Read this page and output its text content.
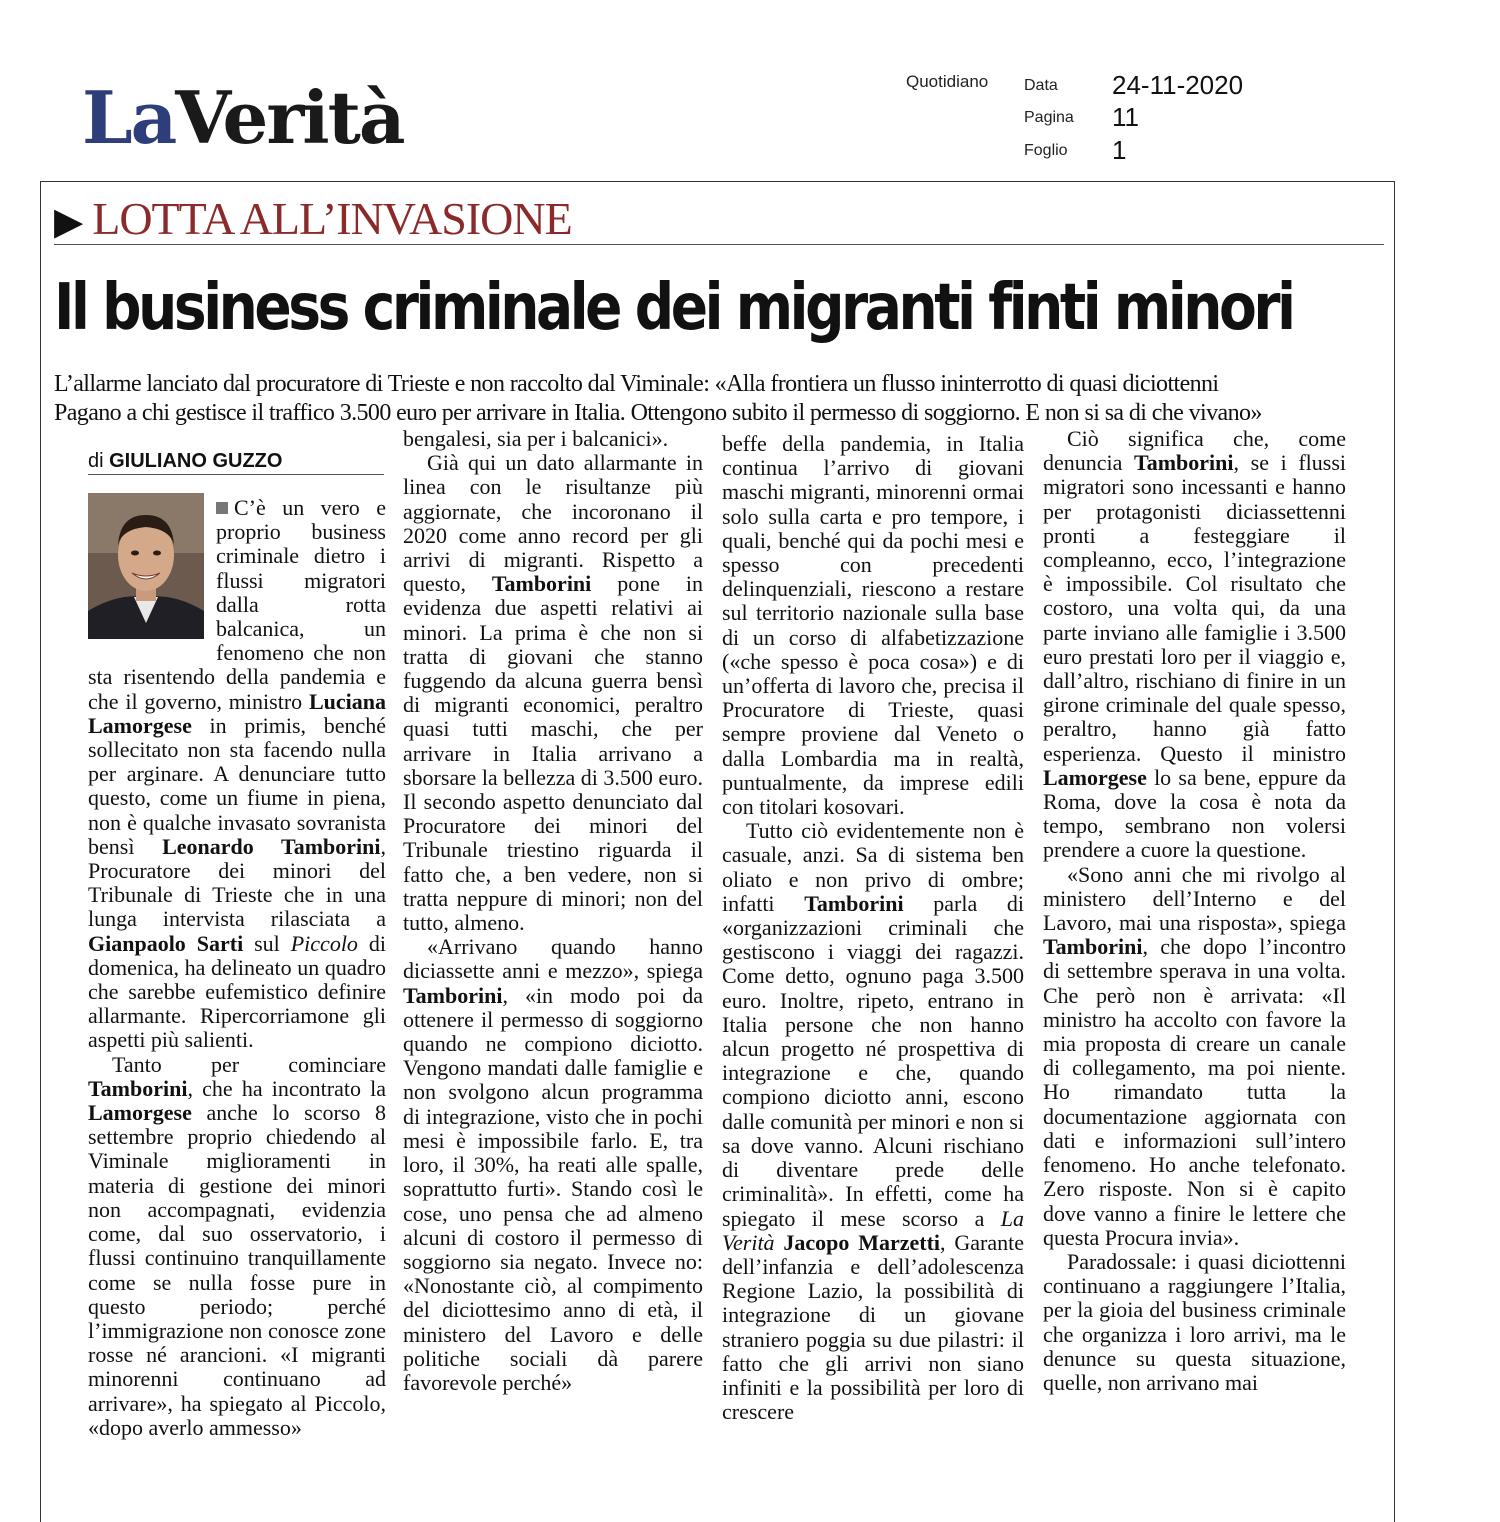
LaVerità	Quotidiano Data 24-11-2020
Pagina 11
Foglio 1
▶ LOTTA ALL’INVASIONE
Il business criminale dei migranti finti minori
L’allarme lanciato dal procuratore di Trieste e non raccolto dal Viminale: «Alla frontiera un flusso ininterrotto di quasi diciottenni
Pagano a chi gestisce il traffico 3.500 euro per arrivare in Italia. Ottengono subito il permesso di soggiorno. E non si sa di che vivano»
di GIULIANO GUZZO

C’è un vero e proprio business criminale dietro i flussi migratori dalla rotta balcanica, un fenomeno che non sta risentendo della pandemia e che il governo, ministro Luciana Lamorgese in primis, benché sollecitato non sta facendo nulla per arginare. A denunciare tutto questo, come un fiume in piena, non è qualche invasato sovranista bensì Leonardo Tamborini, Procuratore dei minori del Tribunale di Trieste che in una lunga intervista rilasciata a Gianpaolo Sarti sul Piccolo di domenica, ha delineato un quadro che sarebbe eufemistico definire allarmante. Ripercorriamone gli aspetti più salienti.

Tanto per cominciare Tamborini, che ha incontrato la Lamorgese anche lo scorso 8 settembre proprio chiedendo al Viminale miglioramenti in materia di gestione dei minori non accompagnati, evidenzia come, dal suo osservatorio, i flussi continuino tranquillamente come se nulla fosse pure in questo periodo; perché l’immigrazione non conosce zone rosse né arancioni. «I migranti minorenni continuano ad arrivare», ha spiegato al Piccolo, «dopo averlo ammesso»

bengalesi, sia per i balcanici».

Già qui un dato allarmante in linea con le risultanze più aggiornate, che incoronano il 2020 come anno record per gli arrivi di migranti. Rispetto a questo, Tamborini pone in evidenza due aspetti relativi ai minori. La prima è che non si tratta di giovani che stanno fuggendo da alcuna guerra bensì di migranti economici, peraltro quasi tutti maschi, che per arrivare in Italia arrivano a sborsare la bellezza di 3.500 euro. Il secondo aspetto denunciato dal Procuratore dei minori del Tribunale triestino riguarda il fatto che, a ben vedere, non si tratta neppure di minori; non del tutto, almeno.

«Arrivano quando hanno diciassette anni e mezzo», spiega Tamborini, «in modo poi da ottenere il permesso di soggiorno quando ne compiono diciotto. Vengono mandati dalle famiglie e non svolgono alcun programma di integrazione, visto che in pochi mesi è impossibile farlo. E, tra loro, il 30%, ha reati alle spalle, soprattutto furti». Stando così le cose, uno pensa che ad almeno alcuni di costoro il permesso di soggiorno sia negato. Invece no: «Nonostante ciò, al compimento del diciottesimo anno di età, il ministero del Lavoro e delle politiche sociali dà parere favorevole perché»

beffe della pandemia, in Italia continua l’arrivo di giovani maschi migranti, minorenni ormai solo sulla carta e pro tempore, i quali, benché qui da pochi mesi e spesso con precedenti delinquenziali, riescono a restare sul territorio nazionale sulla base di un corso di alfabetizzazione («che spesso è poca cosa») e di un’offerta di lavoro che, precisa il Procuratore di Trieste, quasi sempre proviene dal Veneto o dalla Lombardia ma in realtà, puntualmente, da imprese edili con titolari kosovari.

Tutto ciò evidentemente non è casuale, anzi. Sa di sistema ben oliato e non privo di ombre; infatti Tamborini parla di «organizzazioni criminali che gestiscono i viaggi dei ragazzi. Come detto, ognuno paga 3.500 euro. Inoltre, ripeto, entrano in Italia persone che non hanno alcun progetto né prospettiva di integrazione e che, quando compiono diciotto anni, escono dalle comunità per minori e non si sa dove vanno. Alcuni rischiano di diventare prede delle criminalità». In effetti, come ha spiegato il mese scorso a La Verità Jacopo Marzetti, Garante dell’infanzia e dell’adolescenza Regione Lazio, la possibilità di integrazione di un giovane straniero poggia su due pilastri: il fatto che gli arrivi non siano infiniti e la possibilità per loro di crescere

Ciò significa che, come denuncia Tamborini, se i flussi migratori sono incessanti e hanno per protagonisti diciassettenni pronti a festeggiare il compleanno, ecco, l’integrazione è impossibile. Col risultato che costoro, una volta qui, da una parte inviano alle famiglie i 3.500 euro prestati loro per il viaggio e, dall’altro, rischiano di finire in un girone criminale del quale spesso, peraltro, hanno già fatto esperienza. Questo il ministro Lamorgese lo sa bene, eppure da Roma, dove la cosa è nota da tempo, sembrano non volersi prendere a cuore la questione.

«Sono anni che mi rivolgo al ministero dell’Interno e del Lavoro, mai una risposta», spiega Tamborini, che dopo l’incontro di settembre sperava in una volta. Che però non è arrivata: «Il ministro ha accolto con favore la mia proposta di creare un canale di collegamento, ma poi niente. Ho rimandato tutta la documentazione aggiornata con dati e informazioni sull’intero fenomeno. Ho anche telefonato. Zero risposte. Non si è capito dove vanno a finire le lettere che questa Procura invia».

Paradossale: i quasi diciottenni continuano a raggiungere l’Italia, per la gioia del business criminale che organizza i loro arrivi, ma le denunce su questa situazione, quelle, non arrivano mai
